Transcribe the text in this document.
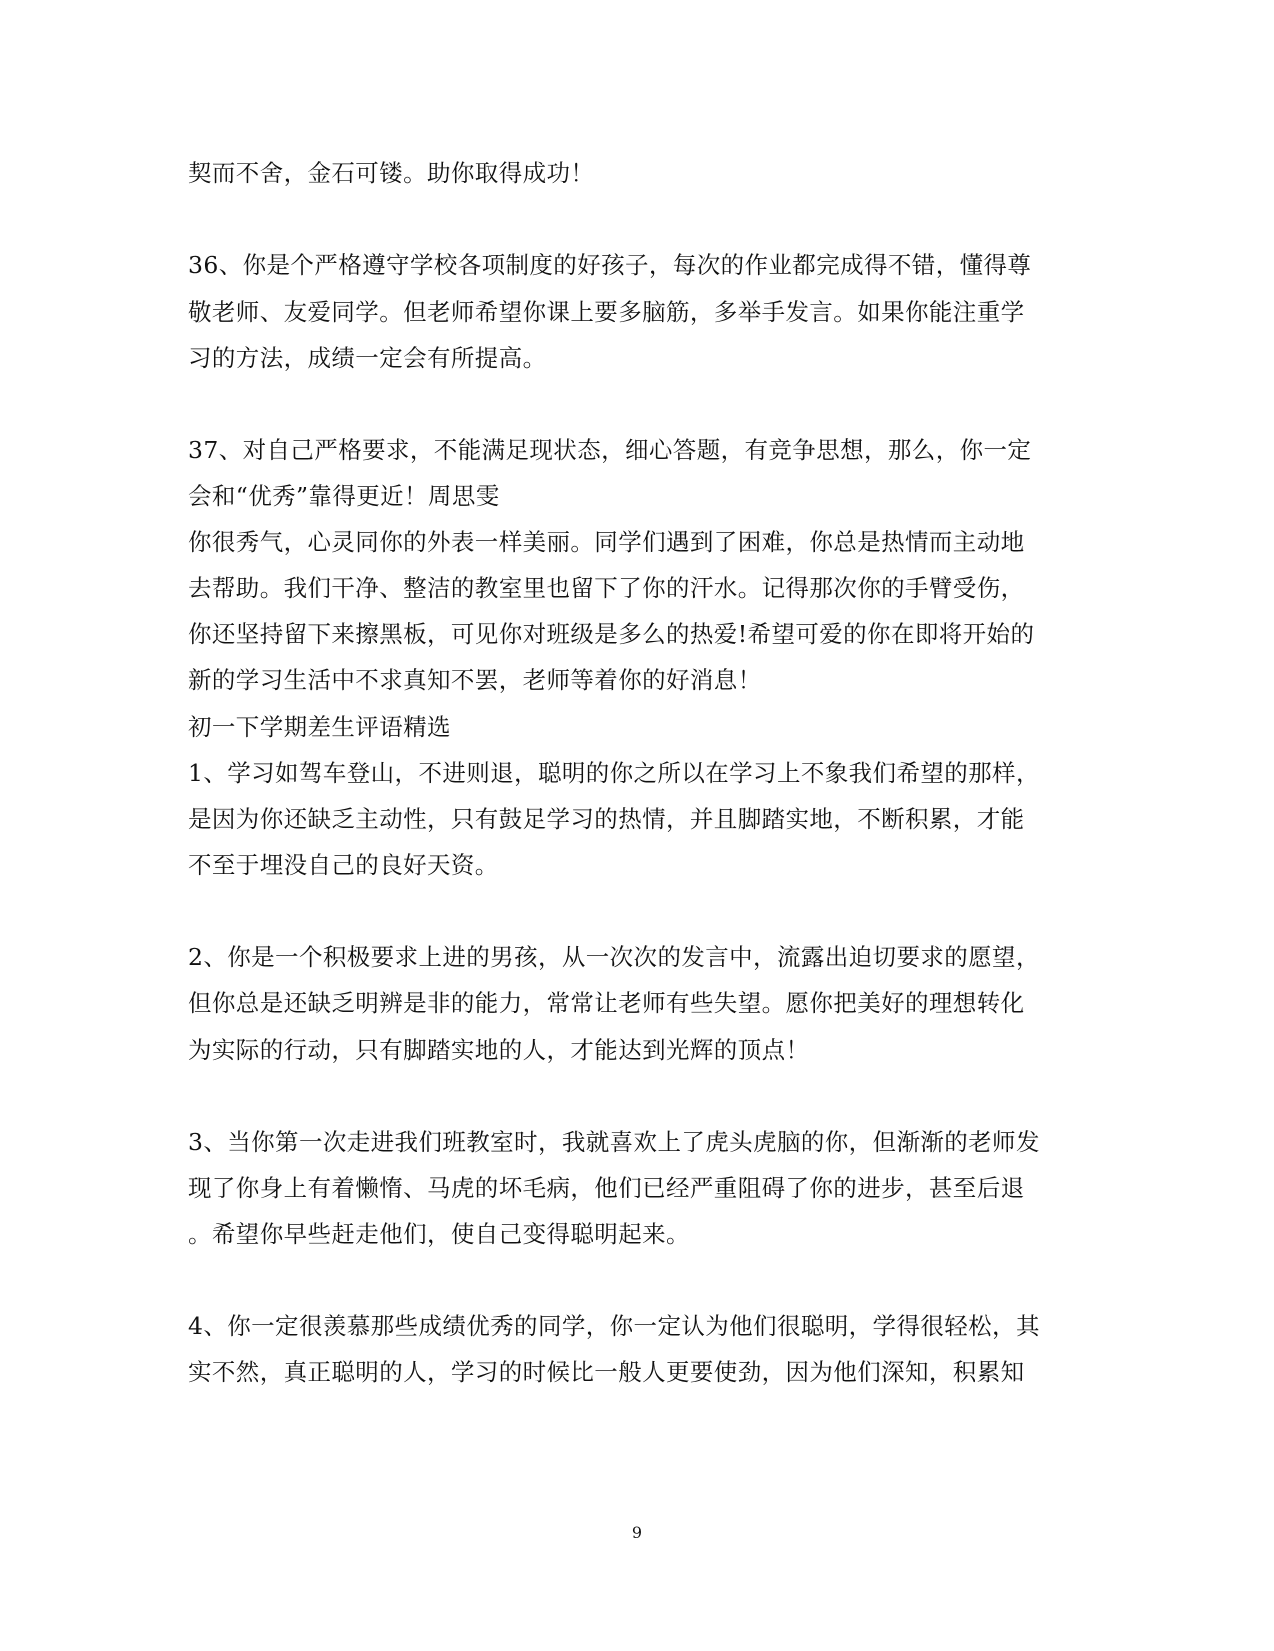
契而不舍，金石可镂。助你取得成功！
36、你是个严格遵守学校各项制度的好孩子，每次的作业都完成得不错，懂得尊
敬老师、友爱同学。但老师希望你课上要多脑筋，多举手发言。如果你能注重学
习的方法，成绩一定会有所提高。
37、对自己严格要求，不能满足现状态，细心答题，有竞争思想，那么，你一定
会和“优秀”靠得更近！周思雯
你很秀气，心灵同你的外表一样美丽。同学们遇到了困难，你总是热情而主动地
去帮助。我们干净、整洁的教室里也留下了你的汗水。记得那次你的手臂受伤，
你还坚持留下来擦黑板，可见你对班级是多么的热爱!希望可爱的你在即将开始的
新的学习生活中不求真知不罢，老师等着你的好消息！
初一下学期差生评语精选
1、学习如驾车登山，不进则退，聪明的你之所以在学习上不象我们希望的那样，
是因为你还缺乏主动性，只有鼓足学习的热情，并且脚踏实地，不断积累，才能
不至于埋没自己的良好天资。
2、你是一个积极要求上进的男孩，从一次次的发言中，流露出迫切要求的愿望，
但你总是还缺乏明辨是非的能力，常常让老师有些失望。愿你把美好的理想转化
为实际的行动，只有脚踏实地的人，才能达到光辉的顶点！
3、当你第一次走进我们班教室时，我就喜欢上了虎头虎脑的你，但渐渐的老师发
现了你身上有着懒惰、马虎的坏毛病，他们已经严重阻碍了你的进步，甚至后退
。希望你早些赶走他们，使自己变得聪明起来。
4、你一定很羡慕那些成绩优秀的同学，你一定认为他们很聪明，学得很轻松，其
实不然，真正聪明的人，学习的时候比一般人更要使劲，因为他们深知，积累知
9
